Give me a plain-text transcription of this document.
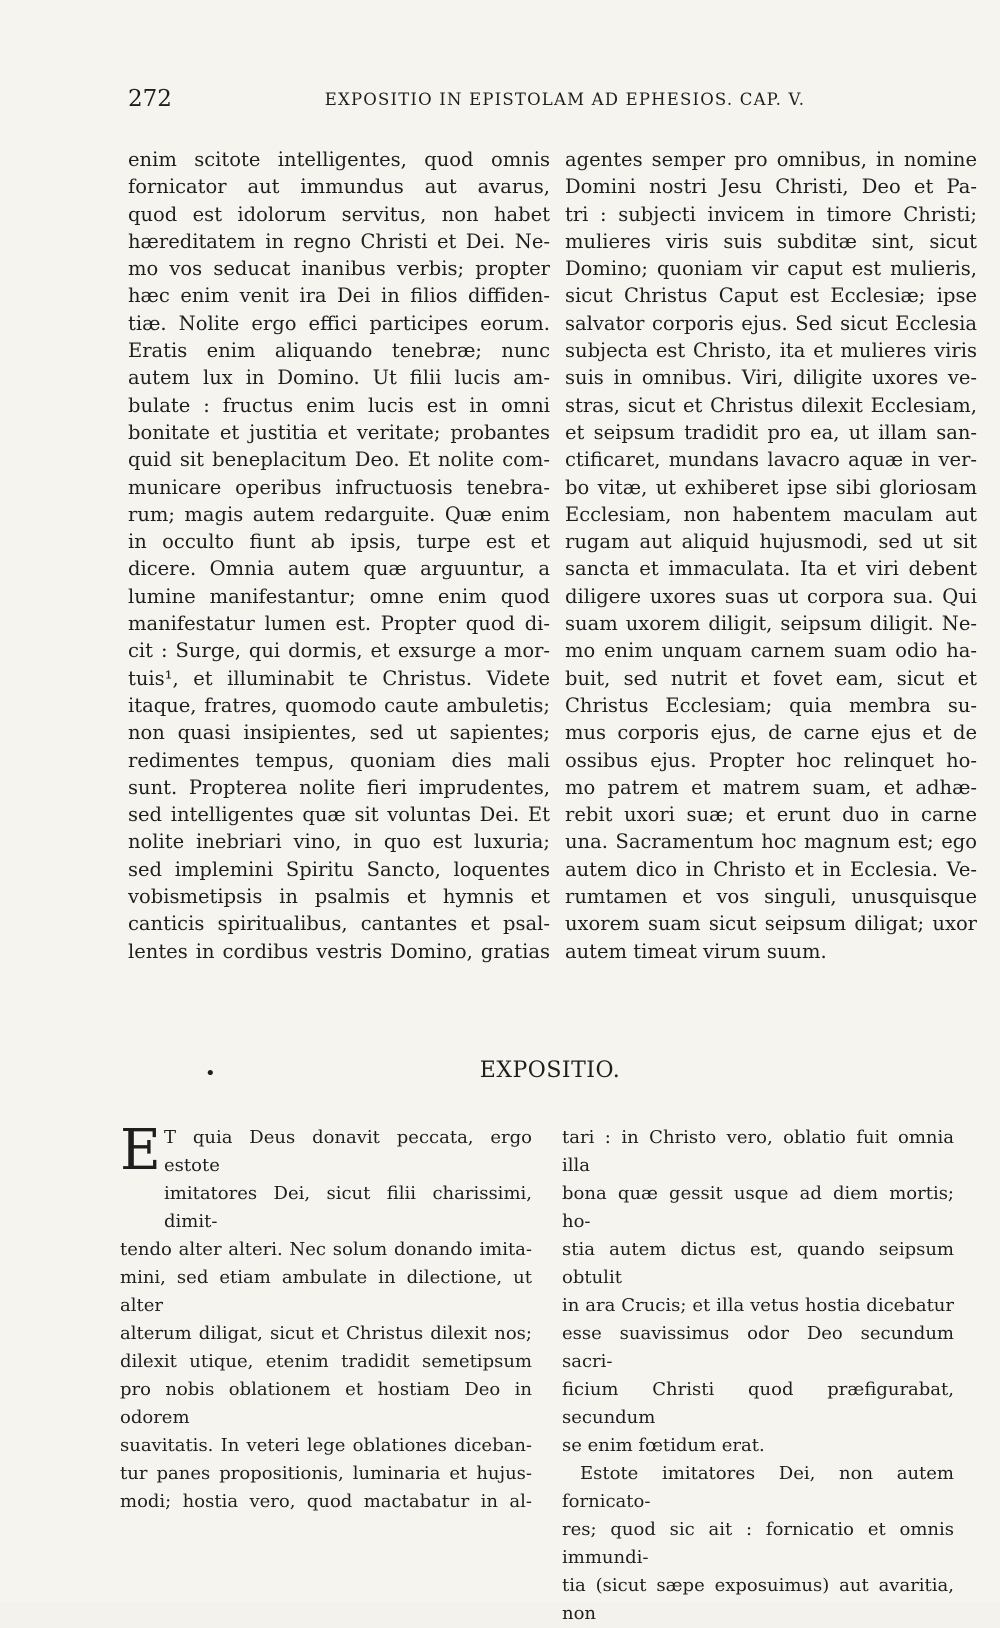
272	EXPOSITIO IN EPISTOLAM AD EPHESIOS. CAP. V.
enim scitote intelligentes, quod omnis
fornicator aut immundus aut avarus,
quod est idolorum servitus, non habet
hæreditatem in regno Christi et Dei. Ne-
mo vos seducat inanibus verbis; propter
hæc enim venit ira Dei in filios diffiden-
tiæ. Nolite ergo effici participes eorum.
Eratis enim aliquando tenebræ; nunc
autem lux in Domino. Ut filii lucis am-
bulate : fructus enim lucis est in omni
bonitate et justitia et veritate; probantes
quid sit beneplacitum Deo. Et nolite com-
municare operibus infructuosis tenebra-
rum; magis autem redarguite. Quæ enim
in occulto fiunt ab ipsis, turpe est et
dicere. Omnia autem quæ arguuntur, a
lumine manifestantur; omne enim quod
manifestatur lumen est. Propter quod di-
cit : Surge, qui dormis, et exsurge a mor-
tuis¹, et illuminabit te Christus. Videte
itaque, fratres, quomodo caute ambuletis;
non quasi insipientes, sed ut sapientes;
redimentes tempus, quoniam dies mali
sunt. Propterea nolite fieri imprudentes,
sed intelligentes quæ sit voluntas Dei. Et
nolite inebriari vino, in quo est luxuria;
sed implemini Spiritu Sancto, loquentes
vobismetipsis in psalmis et hymnis et
canticis spiritualibus, cantantes et psal-
lentes in cordibus vestris Domino, gratias
agentes semper pro omnibus, in nomine
Domini nostri Jesu Christi, Deo et Pa-
tri : subjecti invicem in timore Christi;
mulieres viris suis subditæ sint, sicut
Domino; quoniam vir caput est mulieris,
sicut Christus Caput est Ecclesiæ; ipse
salvator corporis ejus. Sed sicut Ecclesia
subjecta est Christo, ita et mulieres viris
suis in omnibus. Viri, diligite uxores ve-
stras, sicut et Christus dilexit Ecclesiam,
et seipsum tradidit pro ea, ut illam san-
ctificaret, mundans lavacro aquæ in ver-
bo vitæ, ut exhiberet ipse sibi gloriosam
Ecclesiam, non habentem maculam aut
rugam aut aliquid hujusmodi, sed ut sit
sancta et immaculata. Ita et viri debent
diligere uxores suas ut corpora sua. Qui
suam uxorem diligit, seipsum diligit. Ne-
mo enim unquam carnem suam odio ha-
buit, sed nutrit et fovet eam, sicut et
Christus Ecclesiam; quia membra su-
mus corporis ejus, de carne ejus et de
ossibus ejus. Propter hoc relinquet ho-
mo patrem et matrem suam, et adhæ-
rebit uxori suæ; et erunt duo in carne
una. Sacramentum hoc magnum est; ego
autem dico in Christo et in Ecclesia. Ve-
rumtamen et vos singuli, unusquisque
uxorem suam sicut seipsum diligat; uxor
autem timeat virum suum.
•	EXPOSITIO.
E T quia Deus donavit peccata, ergo estote
imitatores Dei, sicut filii charissimi, dimit-
tendo alter alteri. Nec solum donando imita-
mini, sed etiam ambulate in dilectione, ut alter
alterum diligat, sicut et Christus dilexit nos;
dilexit utique, etenim tradidit semetipsum
pro nobis oblationem et hostiam Deo in odorem
suavitatis. In veteri lege oblationes diceban-
tur panes propositionis, luminaria et hujus-
modi; hostia vero, quod mactabatur in al-
tari : in Christo vero, oblatio fuit omnia illa
bona quæ gessit usque ad diem mortis; ho-
stia autem dictus est, quando seipsum obtulit
in ara Crucis; et illa vetus hostia dicebatur
esse suavissimus odor Deo secundum sacri-
ficium Christi quod præfigurabat, secundum
se enim fœtidum erat.
Estote imitatores Dei, non autem fornicato-
res; quod sic ait : fornicatio et omnis immundi-
tia (sicut sæpe exposuimus) aut avaritia, non
